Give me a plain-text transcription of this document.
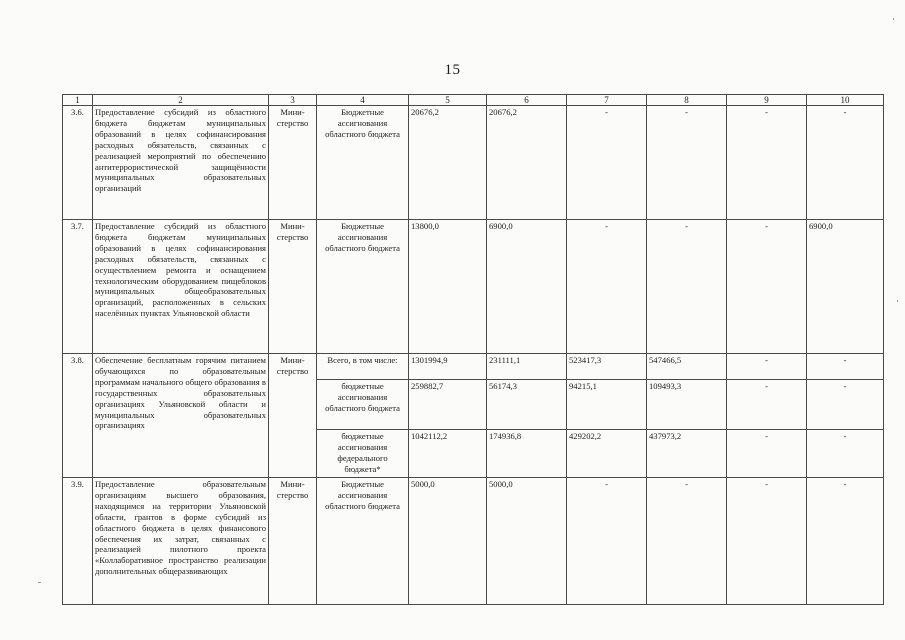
15
1	2	3	4	5	6	7	8	9	10
3.6.	Предоставление субсидий из областного бюджета бюджетам муниципальных образований в целях софинансирования расходных обязательств, связанных с реализацией мероприятий по обеспечению антитеррористической защищённости муниципальных образовательных организаций	Мини-стерство	Бюджетные ассигнования областного бюджета	20676,2	20676,2	-	-	-	-
3.7.	Предоставление субсидий из областного бюджета бюджетам муниципальных образований в целях софинансирования расходных обязательств, связанных с осуществлением ремонта и оснащением технологическим оборудованием пищеблоков муниципальных общеобразовательных организаций, расположенных в сельских населённых пунктах Ульяновской области	Мини-стерство	Бюджетные ассигнования областного бюджета	13800,0	6900,0	-	-	-	6900,0
3.8.	Обеспечение бесплатным горячим питанием обучающихся по образовательным программам начального общего образования в государственных образовательных организациях Ульяновской области и муниципальных образовательных организациях	Мини-стерство	Всего, в том числе:	1301994,9	231111,1	523417,3	547466,5	-	-
			бюджетные ассигнования областного бюджета	259882,7	56174,3	94215,1	109493,3	-	-
			бюджетные ассигнования федерального бюджета*	1042112,2	174936,8	429202,2	437973,2	-	-
3.9.	Предоставление образовательным организациям высшего образования, находящимся на территории Ульяновской области, грантов в форме субсидий из областного бюджета в целях финансового обеспечения их затрат, связанных с реализацией пилотного проекта «Коллаборативное пространство реализации дополнительных общеразвивающих	Мини-стерство	Бюджетные ассигнования областного бюджета	5000,0	5000,0	-	-	-	-
